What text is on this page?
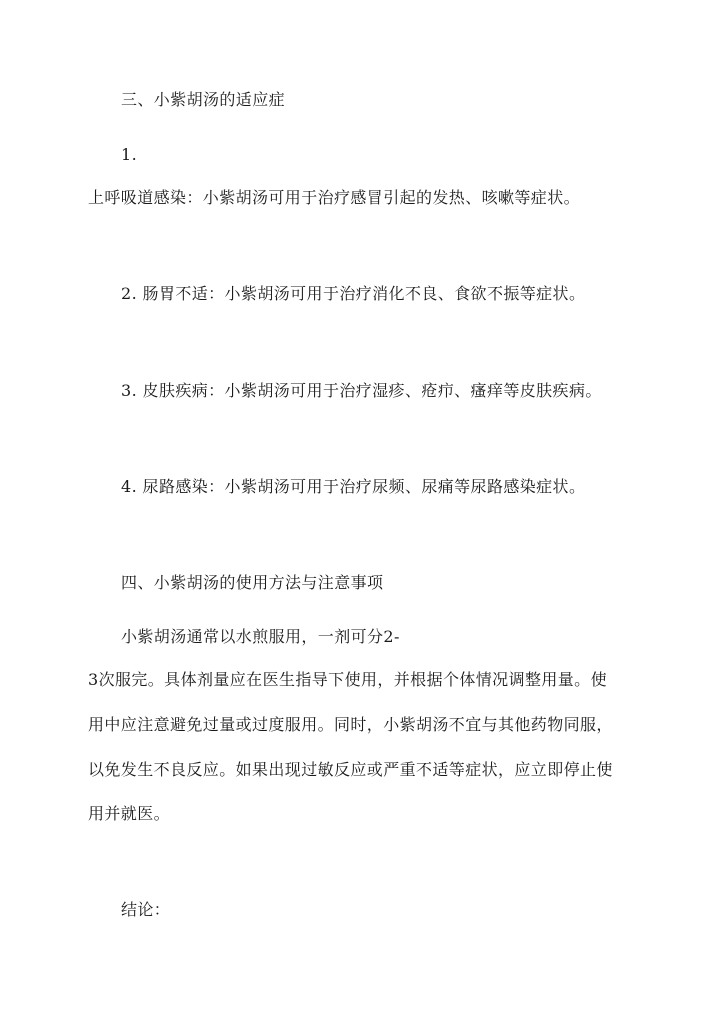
三、小紫胡汤的适应症
1.
上呼吸道感染：小紫胡汤可用于治疗感冒引起的发热、咳嗽等症状。
2. 肠胃不适：小紫胡汤可用于治疗消化不良、食欲不振等症状。
3. 皮肤疾病：小紫胡汤可用于治疗湿疹、疮疖、瘙痒等皮肤疾病。
4. 尿路感染：小紫胡汤可用于治疗尿频、尿痛等尿路感染症状。
四、小紫胡汤的使用方法与注意事项
小紫胡汤通常以水煎服用，一剂可分2-
3次服完。具体剂量应在医生指导下使用，并根据个体情况调整用量。使
用中应注意避免过量或过度服用。同时，小紫胡汤不宜与其他药物同服，
以免发生不良反应。如果出现过敏反应或严重不适等症状，应立即停止使
用并就医。
结论：
